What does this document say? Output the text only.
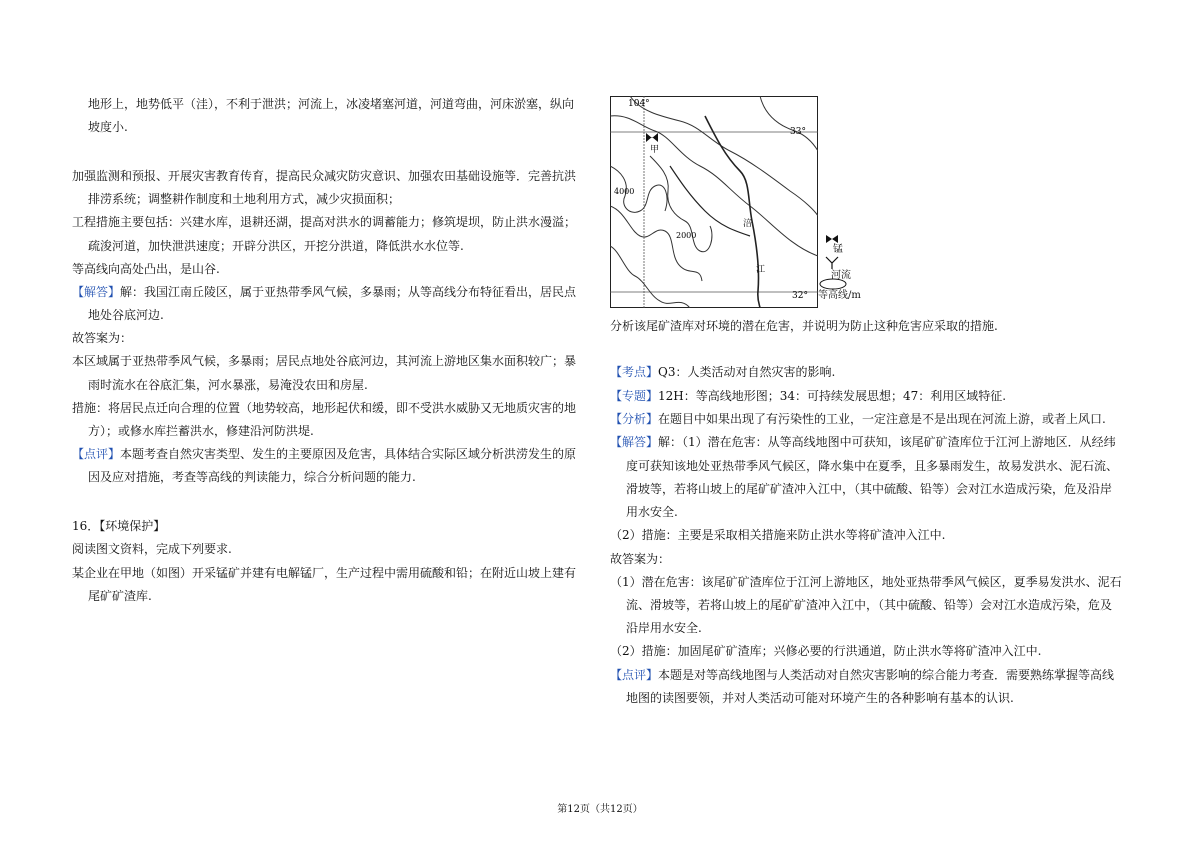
地形上，地势低平（洼），不利于泄洪；河流上，冰凌堵塞河道，河道弯曲，河床淤塞，纵向
坡度小.
加强监测和预报、开展灾害教育传育，提高民众减灾防灾意识、加强农田基础设施等．完善抗洪
排涝系统；调整耕作制度和土地利用方式，减少灾损面积；
工程措施主要包括：兴建水库，退耕还湖，提高对洪水的调蓄能力；修筑堤坝，防止洪水漫溢；
疏浚河道，加快泄洪速度；开辟分洪区，开挖分洪道，降低洪水水位等.
等高线向高处凸出，是山谷.
【解答】解：我国江南丘陵区，属于亚热带季风气候，多暴雨；从等高线分布特征看出，居民点
地处谷底河边.
故答案为：
本区域属于亚热带季风气候，多暴雨；居民点地处谷底河边，其河流上游地区集水面积较广；暴
雨时流水在谷底汇集，河水暴涨，易淹没农田和房屋.
措施：将居民点迁向合理的位置（地势较高，地形起伏和缓，即不受洪水威胁又无地质灾害的地
方）；或修水库拦蓄洪水，修建沿河防洪堤.
【点评】本题考查自然灾害类型、发生的主要原因及危害，具体结合实际区域分析洪涝发生的原
因及应对措施，考查等高线的判读能力，综合分析问题的能力.
16．【环境保护】
阅读图文资料，完成下列要求.
某企业在甲地（如图）开采锰矿并建有电解锰厂，生产过程中需用硫酸和铅；在附近山坡上建有
尾矿矿渣库.
甲
104°
33°
32°
4000
2000
涪
江
锰
河流
等高线/m
分析该尾矿渣库对环境的潜在危害，并说明为防止这种危害应采取的措施.
【考点】Q3：人类活动对自然灾害的影响.
【专题】12H：等高线地形图；34：可持续发展思想；47：利用区域特征.
【分析】在题目中如果出现了有污染性的工业，一定注意是不是出现在河流上游，或者上风口.
【解答】解：（1）潜在危害：从等高线地图中可获知，该尾矿矿渣库位于江河上游地区．从经纬
度可获知该地处亚热带季风气候区，降水集中在夏季，且多暴雨发生，故易发洪水、泥石流、
滑坡等，若将山坡上的尾矿矿渣冲入江中，（其中硫酸、铅等）会对江水造成污染，危及沿岸
用水安全.
（2）措施：主要是采取相关措施来防止洪水等将矿渣冲入江中.
故答案为：
（1）潜在危害：该尾矿矿渣库位于江河上游地区，地处亚热带季风气候区，夏季易发洪水、泥石
流、滑坡等，若将山坡上的尾矿矿渣冲入江中，（其中硫酸、铅等）会对江水造成污染，危及
沿岸用水安全.
（2）措施：加固尾矿矿渣库；兴修必要的行洪通道，防止洪水等将矿渣冲入江中.
【点评】本题是对等高线地图与人类活动对自然灾害影响的综合能力考查．需要熟练掌握等高线
地图的读图要领，并对人类活动可能对环境产生的各种影响有基本的认识.
第12页（共12页）
